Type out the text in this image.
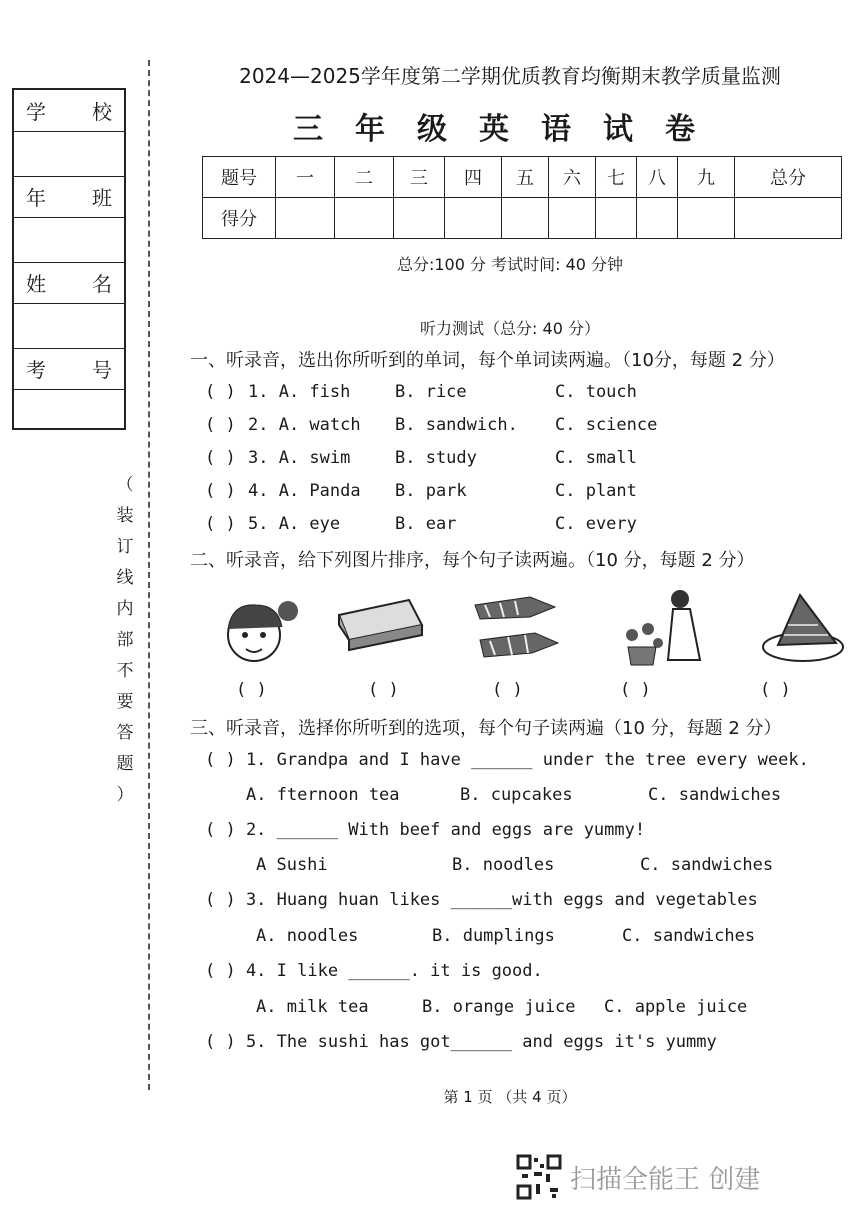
学 校
年 班
姓 名
考 号
（
装
订
线
内
部
不
要
答
题
）
2024—2025学年度第二学期优质教育均衡期末教学质量监测
三年级英语试卷
题号	一	二	三	四	五	六	七	八	九	总分
得分										
总分:100 分 考试时间: 40 分钟
听力测试（总分: 40 分）
一、听录音，选出你所听到的单词，每个单词读两遍。（10分，每题 2 分）
( ) 1. A. fish	B. rice	C. touch
( ) 2. A. watch B. sandwich. C. science
( ) 3. A. swim	B. study	C. small
( ) 4. A. Panda B. park	C. plant
( ) 5. A. eye	B. ear	C. every
二、听录音，给下列图片排序，每个句子读两遍。（10 分，每题 2 分）
( )	( )	( )	( )	( )
三、听录音，选择你所听到的选项，每个句子读两遍（10 分，每题 2 分）
( ) 1. Grandpa and I have ______ under the tree every week.
A. fternoon tea	B. cupcakes	C. sandwiches
( ) 2. ______ With beef and eggs are yummy!
A Sushi	B. noodles	C. sandwiches
( ) 3. Huang huan likes ______with eggs and vegetables
A. noodles	B. dumplings	C. sandwiches
( ) 4. I like ______. it is good.
A. milk tea	B. orange juice C. apple juice
( ) 5. The sushi has got______ and eggs it's yummy
第 1 页 （共 4 页）
扫描全能王 创建
